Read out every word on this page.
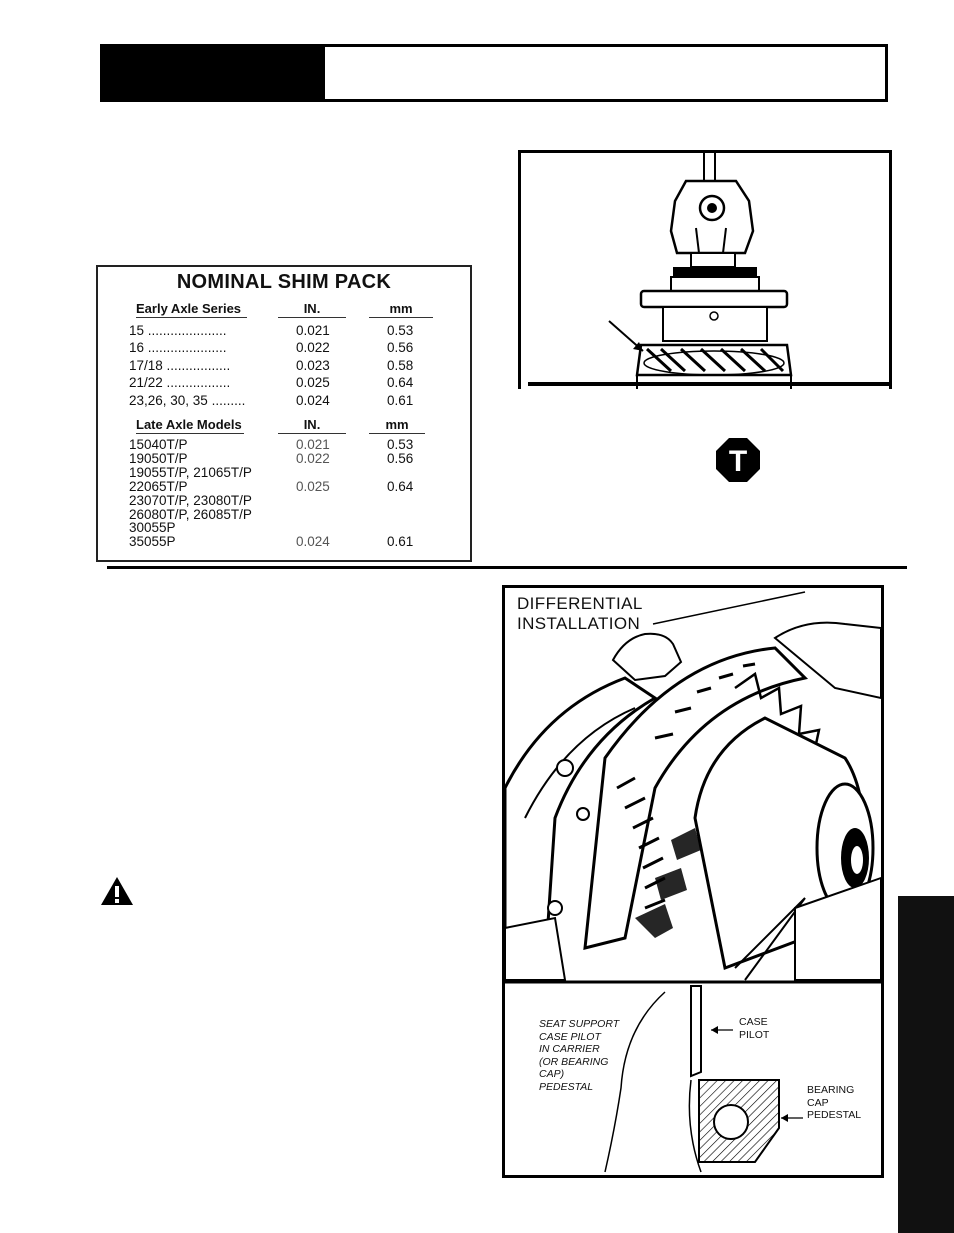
NOMINAL SHIM PACK
Early Axle Series	IN.	mm
15 .....................	0.021	0.53
16 .....................	0.022	0.56
17/18 .................	0.023	0.58
21/22 .................	0.025	0.64
23,26, 30, 35 .........	0.024	0.61
Late Axle Models	IN.	mm
15040T/P	0.021	0.53
19050T/P	0.022	0.56
19055T/P, 21065T/P
22065T/P	0.025	0.64
23070T/P, 23080T/P
26080T/P, 26085T/P
30055P
35055P	0.024	0.61
T
DIFFERENTIAL
INSTALLATION
SEAT SUPPORT
CASE PILOT
IN CARRIER
(OR BEARING
CAP)
PEDESTAL
CASE
PILOT
BEARING
CAP
PEDESTAL
